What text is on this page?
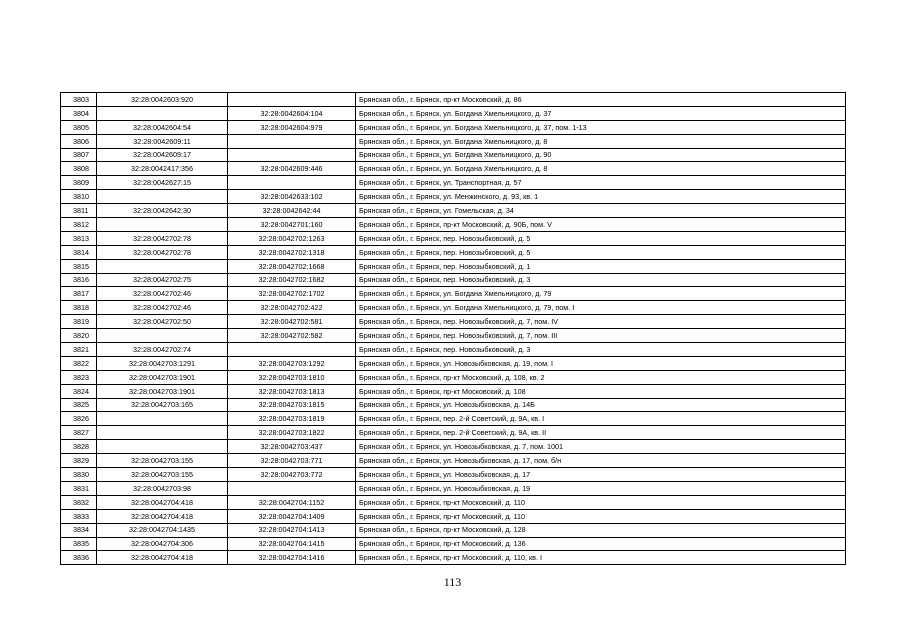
3803	32:28:0042603:920		Брянская обл., г. Брянск, пр-кт Московский, д. 86
3804		32:28:0042604:104	Брянская обл., г. Брянск, ул. Богдана Хмельницкого, д. 37
3805	32:28:0042604:54	32:28:0042604:979	Брянская обл., г. Брянск, ул. Богдана Хмельницкого, д. 37, пом. 1-13
3806	32:28:0042609:11		Брянская обл., г. Брянск, ул. Богдана Хмельницкого, д. 8
3807	32:28:0042609:17		Брянская обл., г. Брянск, ул. Богдана Хмельницкого, д. 90
3808	32:28:0042417:356	32:28:0042609:446	Брянская обл., г. Брянск, ул. Богдана Хмельницкого, д. 8
3809	32:28:0042627:15		Брянская обл., г. Брянск, ул. Транспортная, д. 57
3810		32:28:0042633:102	Брянская обл., г. Брянск, ул. Менжинского, д. 93, кв. 1
3811	32:28:0042642:30	32:28:0042642:44	Брянская обл., г. Брянск, ул. Гомельская, д. 34
3812		32:28:0042701:160	Брянская обл., г. Брянск, пр-кт Московский, д. 90Б, пом. V
3813	32:28:0042702:78	32:28:0042702:1263	Брянская обл., г. Брянск, пер. Новозыбковский, д. 5
3814	32:28:0042702:78	32:28:0042702:1318	Брянская обл., г. Брянск, пер. Новозыбковский, д. 5
3815		32:28:0042702:1668	Брянская обл., г. Брянск, пер. Новозыбковский, д. 1
3816	32:28:0042702:75	32:28:0042702:1682	Брянская обл., г. Брянск, пер. Новозыбковский, д. 3
3817	32:28:0042702:46	32:28:0042702:1702	Брянская обл., г. Брянск, ул. Богдана Хмельницкого, д. 79
3818	32:28:0042702:46	32:28:0042702:422	Брянская обл., г. Брянск, ул. Богдана Хмельницкого, д. 79, пом. I
3819	32:28:0042702:50	32:28:0042702:581	Брянская обл., г. Брянск, пер. Новозыбковский, д. 7, пом. IV
3820		32:28:0042702:582	Брянская обл., г. Брянск, пер. Новозыбковский, д. 7, пом. III
3821	32:28:0042702:74		Брянская обл., г. Брянск, пер. Новозыбковский, д. 3
3822	32:28:0042703:1291	32:28:0042703:1292	Брянская обл., г. Брянск, ул. Новозыбковская, д. 19, пом. I
3823	32:28:0042703:1901	32:28:0042703:1810	Брянская обл., г. Брянск, пр-кт Московский, д. 108, кв. 2
3824	32:28:0042703:1901	32:28:0042703:1813	Брянская обл., г. Брянск, пр-кт Московский, д. 108
3825	32:28:0042703:165	32:28:0042703:1815	Брянская обл., г. Брянск, ул. Новозыбковская, д. 14Б
3826		32:28:0042703:1819	Брянская обл., г. Брянск, пер. 2-й Советский, д. 9А, кв. I
3827		32:28:0042703:1822	Брянская обл., г. Брянск, пер. 2-й Советский, д. 9А, кв. II
3828		32:28:0042703:437	Брянская обл., г. Брянск, ул. Новозыбковская, д. 7, пом. 1001
3829	32:28:0042703:155	32:28:0042703:771	Брянская обл., г. Брянск, ул. Новозыбковская, д. 17, пом. б/н
3830	32:28:0042703:155	32:28:0042703:772	Брянская обл., г. Брянск, ул. Новозыбковская, д. 17
3831	32:28:0042703:98		Брянская обл., г. Брянск, ул. Новозыбковская, д. 19
3832	32:28:0042704:418	32:28:0042704:1152	Брянская обл., г. Брянск, пр-кт Московский, д. 110
3833	32:28:0042704:418	32:28:0042704:1409	Брянская обл., г. Брянск, пр-кт Московский, д. 110
3834	32:28:0042704:1435	32:28:0042704:1413	Брянская обл., г. Брянск, пр-кт Московский, д. 128
3835	32:28:0042704:306	32:28:0042704:1415	Брянская обл., г. Брянск, пр-кт Московский, д. 136
3836	32:28:0042704:418	32:28:0042704:1416	Брянская обл., г. Брянск, пр-кт Московский, д. 110, кв. I
113
